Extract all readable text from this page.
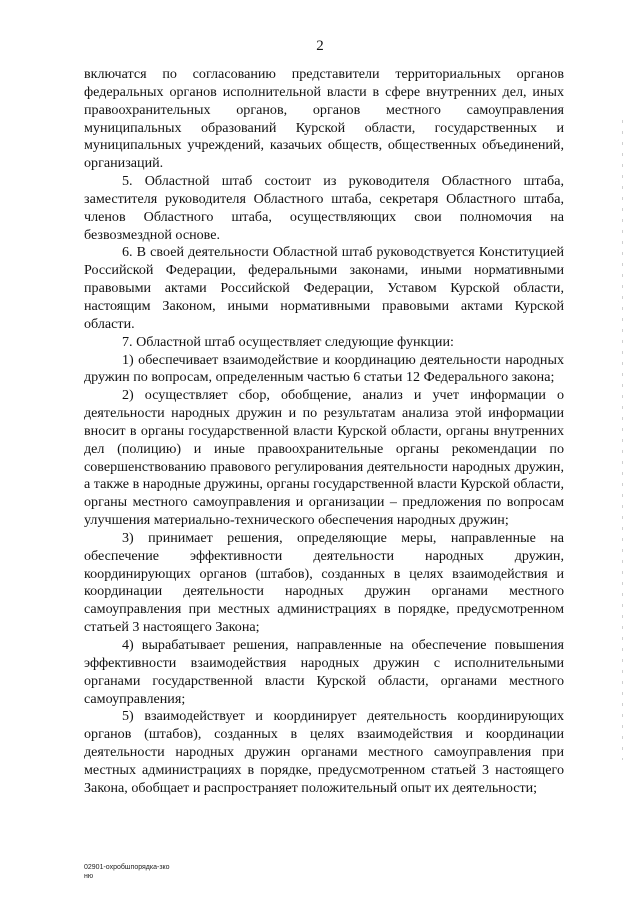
2

включатся по согласованию представители территориальных органов федеральных органов исполнительной власти в сфере внутренних дел, иных правоохранительных органов, органов местного самоуправления муниципальных образований Курской области, государственных и муниципальных учреждений, казачьих обществ, общественных объединений, организаций.

5. Областной штаб состоит из руководителя Областного штаба, заместителя руководителя Областного штаба, секретаря Областного штаба, членов Областного штаба, осуществляющих свои полномочия на безвозмездной основе.

6. В своей деятельности Областной штаб руководствуется Конституцией Российской Федерации, федеральными законами, иными нормативными правовыми актами Российской Федерации, Уставом Курской области, настоящим Законом, иными нормативными правовыми актами Курской области.

7. Областной штаб осуществляет следующие функции:

1) обеспечивает взаимодействие и координацию деятельности народных дружин по вопросам, определенным частью 6 статьи 12 Федерального закона;

2) осуществляет сбор, обобщение, анализ и учет информации о деятельности народных дружин и по результатам анализа этой информации вносит в органы государственной власти Курской области, органы внутренних дел (полицию) и иные правоохранительные органы рекомендации по совершенствованию правового регулирования деятельности народных дружин, а также в народные дружины, органы государственной власти Курской области, органы местного самоуправления и организации – предложения по вопросам улучшения материально-технического обеспечения народных дружин;

3) принимает решения, определяющие меры, направленные на обеспечение эффективности деятельности народных дружин, координирующих органов (штабов), созданных в целях взаимодействия и координации деятельности народных дружин органами местного самоуправления при местных администрациях в порядке, предусмотренном статьей 3 настоящего Закона;

4) вырабатывает решения, направленные на обеспечение повышения эффективности взаимодействия народных дружин с исполнительными органами государственной власти Курской области, органами местного самоуправления;

5) взаимодействует и координирует деятельность координирующих органов (штабов), созданных в целях взаимодействия и координации деятельности народных дружин органами местного самоуправления при местных администрациях в порядке, предусмотренном статьей 3 настоящего Закона, обобщает и распространяет положительный опыт их деятельности;

02901-охробшпорядка-зко
ню
